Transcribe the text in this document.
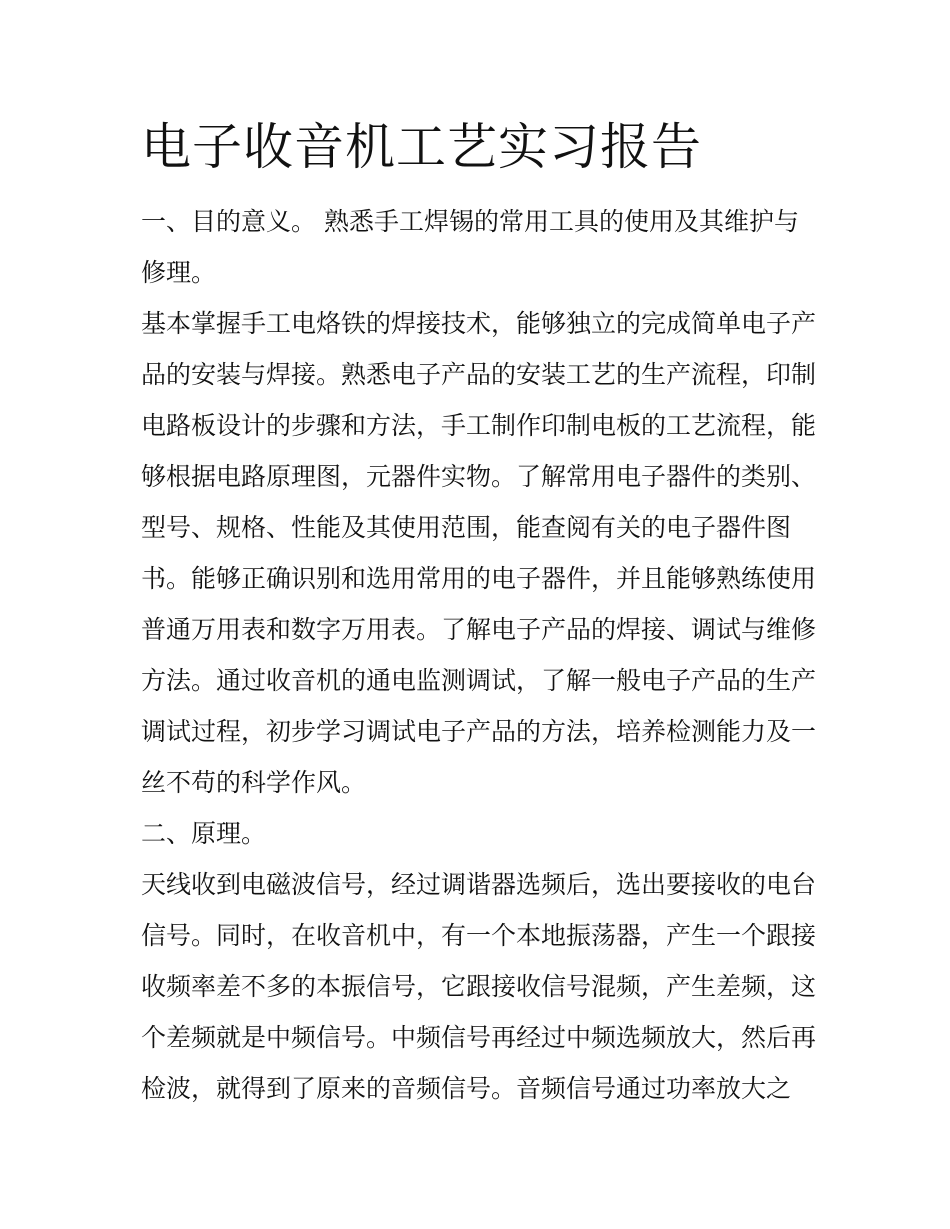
电子收音机工艺实习报告
一、目的意义。 熟悉手工焊锡的常用工具的使用及其维护与
修理。
基本掌握手工电烙铁的焊接技术，能够独立的完成简单电子产
品的安装与焊接。熟悉电子产品的安装工艺的生产流程，印制
电路板设计的步骤和方法，手工制作印制电板的工艺流程，能
够根据电路原理图，元器件实物。了解常用电子器件的类别、
型号、规格、性能及其使用范围，能查阅有关的电子器件图
书。能够正确识别和选用常用的电子器件，并且能够熟练使用
普通万用表和数字万用表。了解电子产品的焊接、调试与维修
方法。通过收音机的通电监测调试，了解一般电子产品的生产
调试过程，初步学习调试电子产品的方法，培养检测能力及一
丝不苟的科学作风。
二、原理。
天线收到电磁波信号，经过调谐器选频后，选出要接收的电台
信号。同时，在收音机中，有一个本地振荡器，产生一个跟接
收频率差不多的本振信号，它跟接收信号混频，产生差频，这
个差频就是中频信号。中频信号再经过中频选频放大，然后再
检波，就得到了原来的音频信号。音频信号通过功率放大之
